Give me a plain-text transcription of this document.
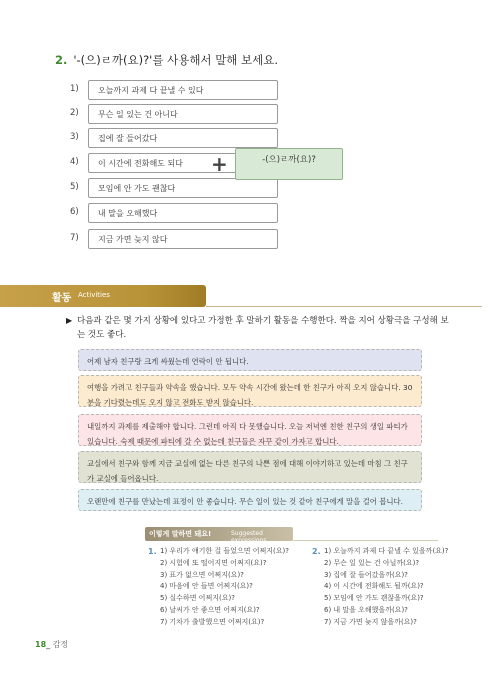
2. '-(으)ㄹ까(요)?'를 사용해서 말해 보세요.
1)	오늘까지 과제 다 끝낼 수 있다
2)	무슨 일 있는 건 아니다
3)	집에 잘 들어갔다
4)	이 시간에 전화해도 되다
5)	모임에 안 가도 괜찮다
6)	내 말을 오해했다
7)	지금 가면 늦지 않다
+	-(으)ㄹ까(요)?
활동 Activities
▶ 다음과 같은 몇 가지 상황에 있다고 가정한 후 말하기 활동을 수행한다. 짝을 지어 상황극을 구성해 보는 것도 좋다.
어제 남자 친구랑 크게 싸웠는데 연락이 안 됩니다.
여행을 가려고 친구들과 약속을 했습니다. 모두 약속 시간에 왔는데 한 친구가 아직 오지 않습니다. 30분을 기다렸는데도 오지 않고 전화도 받지 않습니다.
내일까지 과제를 제출해야 합니다. 그런데 아직 다 못했습니다. 오늘 저녁엔 친한 친구의 생일 파티가 있습니다. 숙제 때문에 파티에 갈 수 없는데 친구들은 자꾸 같이 가자고 합니다.
교실에서 친구와 함께 지금 교실에 없는 다른 친구의 나쁜 점에 대해 이야기하고 있는데 마침 그 친구가 교실에 들어옵니다.
오랜만에 친구를 만났는데 표정이 안 좋습니다. 무슨 일이 있는 것 같아 친구에게 말을 걸어 봅니다.
이렇게 말하면 돼요!	Suggested expressions
1. 1) 우리가 얘기한 걸 들었으면 어쩌지(요)?
2) 시험에 또 떨어지면 어쩌지(요)?
3) 표가 없으면 어쩌지(요)?
4) 마음에 안 들면 어쩌지(요)?
5) 실수하면 어쩌지(요)?
6) 날씨가 안 좋으면 어쩌지(요)?
7) 기차가 출발했으면 어쩌지(요)?
2. 1) 오늘까지 과제 다 끝낼 수 있을까(요)?
2) 무슨 일 있는 건 아닐까(요)?
3) 집에 잘 들어갔을까(요)?
4) 이 시간에 전화해도 될까(요)?
5) 모임에 안 가도 괜찮을까(요)?
6) 내 말을 오해했을까(요)?
7) 지금 가면 늦지 않을까(요)?
18_ 감정
